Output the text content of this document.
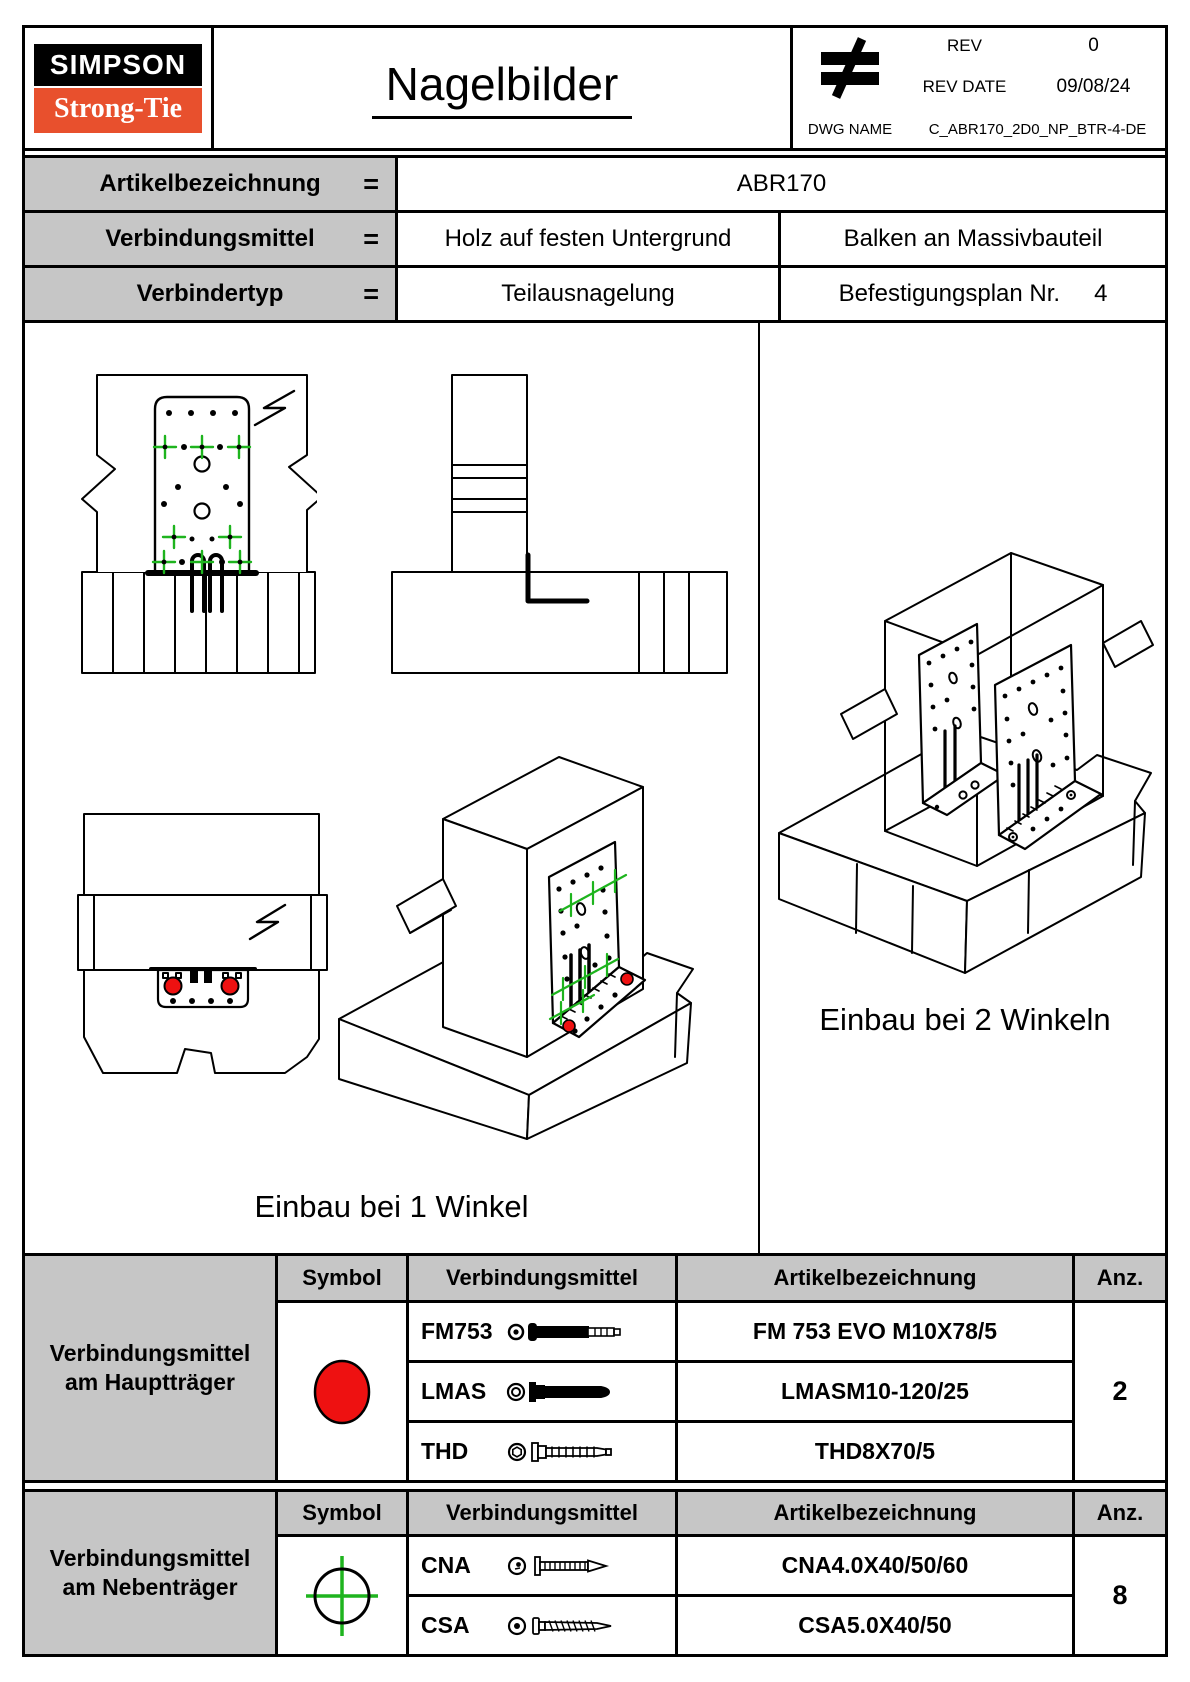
SIMPSON
Strong-Tie	Nagelbilder
REV	0
REV DATE	09/08/24
DWG NAME	C_ABR170_2D0_NP_BTR-4-DE
Artikelbezeichnung =	ABR170
Verbindungsmittel =	Holz auf festen Untergrund	Balken an Massivbauteil
Verbindertyp	=	Teilausnagelung	Befestigungsplan Nr. 4
Einbau bei 1 Winkel
Einbau bei 2 Winkeln
Verbindungsmittel am Hauptträger
Symbol	Verbindungsmittel	Artikelbezeichnung	Anz.
2
FM753	FM 753 EVO M10X78/5
LMAS	LMASM10-120/25
THD	THD8X70/5
Verbindungsmittel am Nebenträger
Symbol	Verbindungsmittel	Artikelbezeichnung	Anz.
8
CNA	CNA4.0X40/50/60
CSA	CSA5.0X40/50
